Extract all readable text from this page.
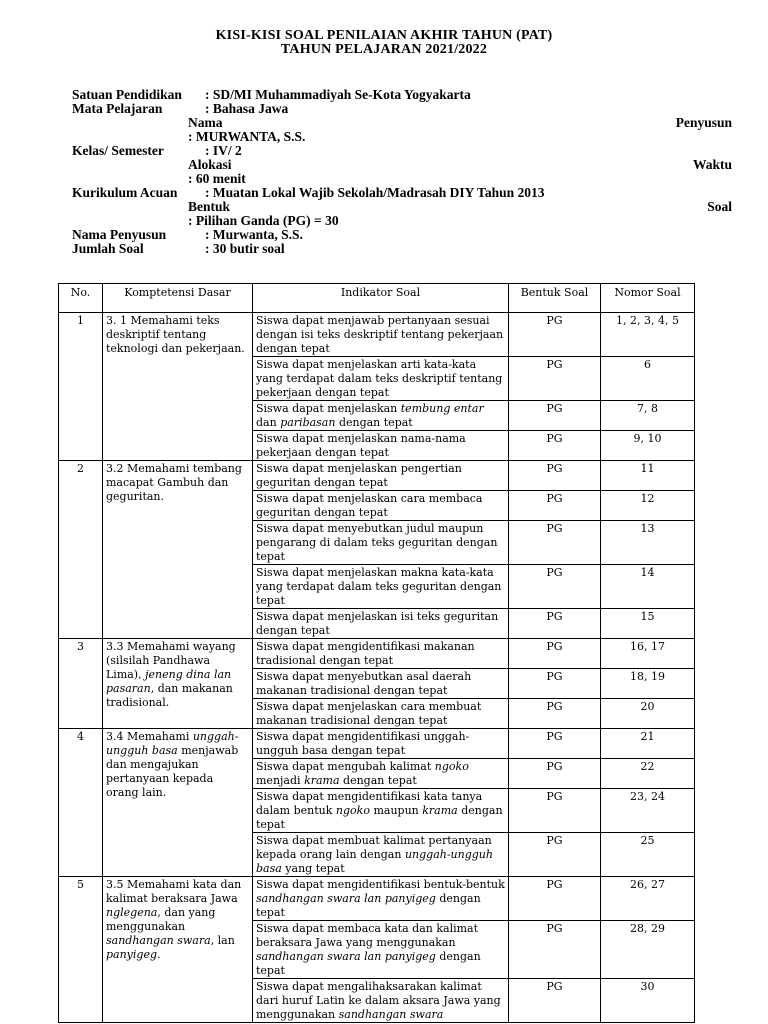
KISI-KISI SOAL PENILAIAN AKHIR TAHUN (PAT)
TAHUN PELAJARAN 2021/2022
Satuan Pendidikan : SD/MI Muhammadiyah Se-Kota Yogyakarta
Mata Pelajaran	: Bahasa Jawa
Nama	Penyusun
: MURWANTA, S.S.
Kelas/ Semester	: IV/ 2
Alokasi	Waktu
: 60 menit
Kurikulum Acuan : Muatan Lokal Wajib Sekolah/Madrasah DIY Tahun 2013
Bentuk	Soal
: Pilihan Ganda (PG) = 30
Nama Penyusun	: Murwanta, S.S.
Jumlah Soal	: 30 butir soal
No.	Komptetensi Dasar	Indikator Soal	Bentuk Soal	Nomor Soal
1	3. 1 Memahami teks deskriptif tentang teknologi dan pekerjaan.	Siswa dapat menjawab pertanyaan sesuai dengan isi teks deskriptif tentang pekerjaan dengan tepat	PG	1, 2, 3, 4, 5
		Siswa dapat menjelaskan arti kata-kata yang terdapat dalam teks deskriptif tentang pekerjaan dengan tepat	PG	6
		Siswa dapat menjelaskan tembung entar dan paribasan dengan tepat	PG	7, 8
		Siswa dapat menjelaskan nama-nama pekerjaan dengan tepat	PG	9, 10
2	3.2 Memahami tembang macapat Gambuh dan geguritan.	Siswa dapat menjelaskan pengertian geguritan dengan tepat	PG	11
		Siswa dapat menjelaskan cara membaca geguritan dengan tepat	PG	12
		Siswa dapat menyebutkan judul maupun pengarang di dalam teks geguritan dengan tepat	PG	13
		Siswa dapat menjelaskan makna kata-kata yang terdapat dalam teks geguritan dengan tepat	PG	14
		Siswa dapat menjelaskan isi teks geguritan dengan tepat	PG	15
3	3.3 Memahami wayang (silsilah Pandhawa Lima), jeneng dina lan pasaran, dan makanan tradisional.	Siswa dapat mengidentifikasi makanan tradisional dengan tepat	PG	16, 17
		Siswa dapat menyebutkan asal daerah makanan tradisional dengan tepat	PG	18, 19
		Siswa dapat menjelaskan cara membuat makanan tradisional dengan tepat	PG	20
4	3.4 Memahami unggah-ungguh basa menjawab dan mengajukan pertanyaan kepada orang lain.	Siswa dapat mengidentifikasi unggah-ungguh basa dengan tepat	PG	21
		Siswa dapat mengubah kalimat ngoko menjadi krama dengan tepat	PG	22
		Siswa dapat mengidentifikasi kata tanya dalam bentuk ngoko maupun krama dengan tepat	PG	23, 24
		Siswa dapat membuat kalimat pertanyaan kepada orang lain dengan unggah-ungguh basa yang tepat	PG	25
5	3.5 Memahami kata dan kalimat beraksara Jawa nglegena, dan yang menggunakan sandhangan swara, lan panyigeg.	Siswa dapat mengidentifikasi bentuk-bentuk sandhangan swara lan panyigeg dengan tepat	PG	26, 27
		Siswa dapat membaca kata dan kalimat beraksara Jawa yang menggunakan sandhangan swara lan panyigeg dengan tepat	PG	28, 29
		Siswa dapat mengalihaksarakan kalimat dari huruf Latin ke dalam aksara Jawa yang menggunakan sandhangan swara	PG	30
